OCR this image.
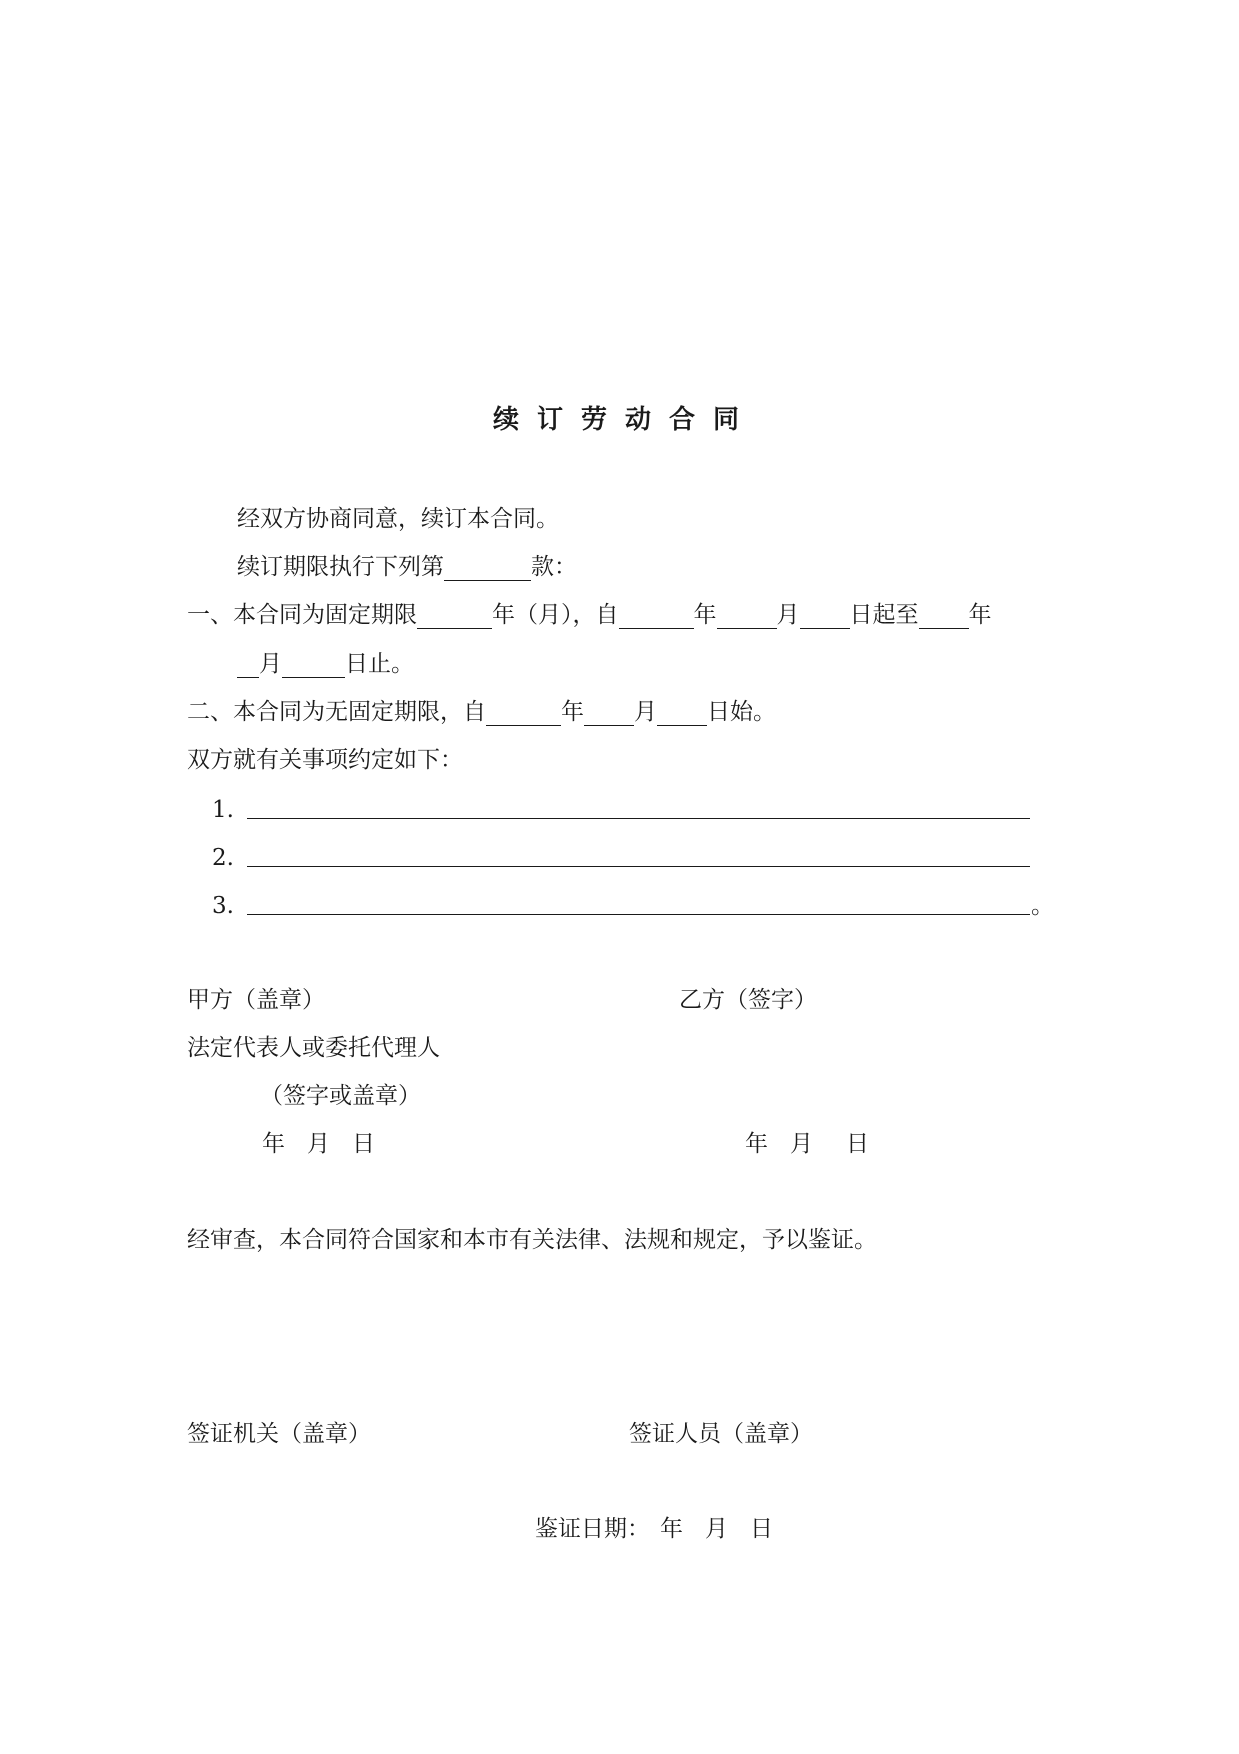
续订劳动合同
经双方协商同意，续订本合同。
续订期限执行下列第	款：
一、本合同为固定期限	年（月），自	年	月 日起至 年
月	日止。
二、本合同为无固定期限，自	年 月 日始。
双方就有关事项约定如下：
1.
2.
3.	。
甲方（盖章）	乙方（签字）
法定代表人或委托代理人
（签字或盖章）
年 月 日	年 月 日
经审查，本合同符合国家和本市有关法律、法规和规定，予以鉴证。
签证机关（盖章）	签证人员（盖章）
鉴证日期： 年 月 日
